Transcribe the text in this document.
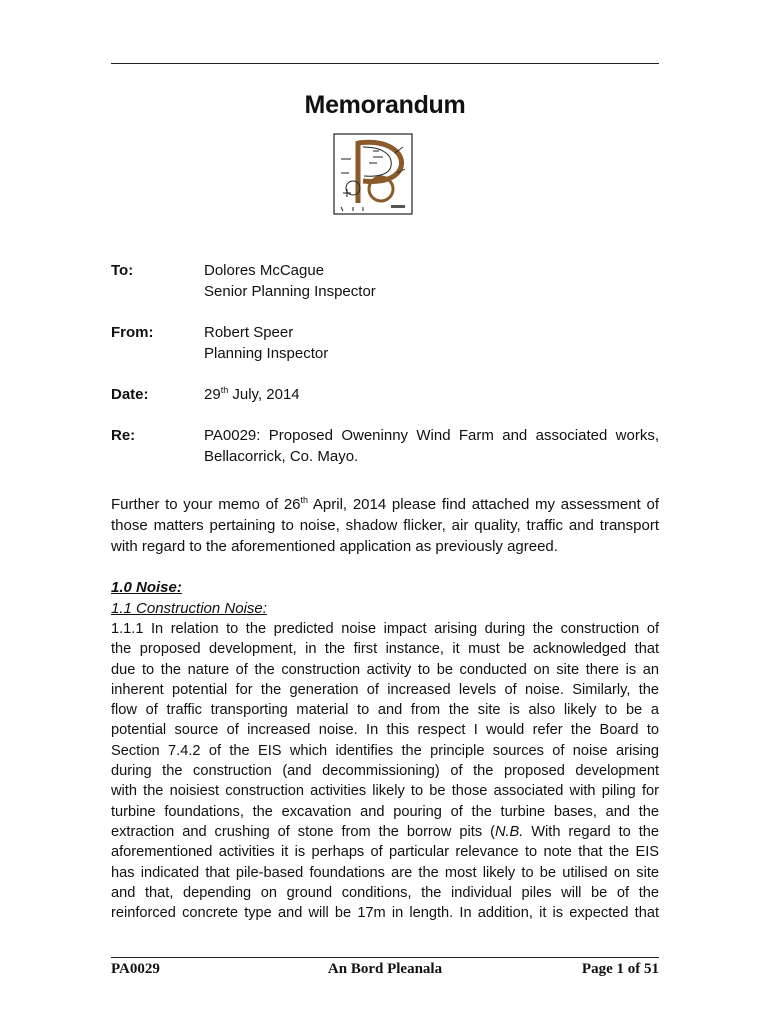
Memorandum
To:	Dolores McCague
Senior Planning Inspector
From:	Robert Speer
Planning Inspector
Date:	29th July, 2014
Re:	PA0029: Proposed Oweninny Wind Farm and associated works,
Bellacorrick, Co. Mayo.
Further to your memo of 26th April, 2014 please find attached my assessment of
those matters pertaining to noise, shadow flicker, air quality, traffic and transport
with regard to the aforementioned application as previously agreed.
1.0 Noise:
1.1 Construction Noise:
1.1.1 In relation to the predicted noise impact arising during the construction of
the proposed development, in the first instance, it must be acknowledged that
due to the nature of the construction activity to be conducted on site there is an
inherent potential for the generation of increased levels of noise. Similarly, the
flow of traffic transporting material to and from the site is also likely to be a
potential source of increased noise. In this respect I would refer the Board to
Section 7.4.2 of the EIS which identifies the principle sources of noise arising
during the construction (and decommissioning) of the proposed development
with the noisiest construction activities likely to be those associated with piling for
turbine foundations, the excavation and pouring of the turbine bases, and the
extraction and crushing of stone from the borrow pits (N.B. With regard to the
aforementioned activities it is perhaps of particular relevance to note that the EIS
has indicated that pile-based foundations are the most likely to be utilised on site
and that, depending on ground conditions, the individual piles will be of the
reinforced concrete type and will be 17m in length. In addition, it is expected that
PA0029	An Bord Pleanala	Page 1 of 51
